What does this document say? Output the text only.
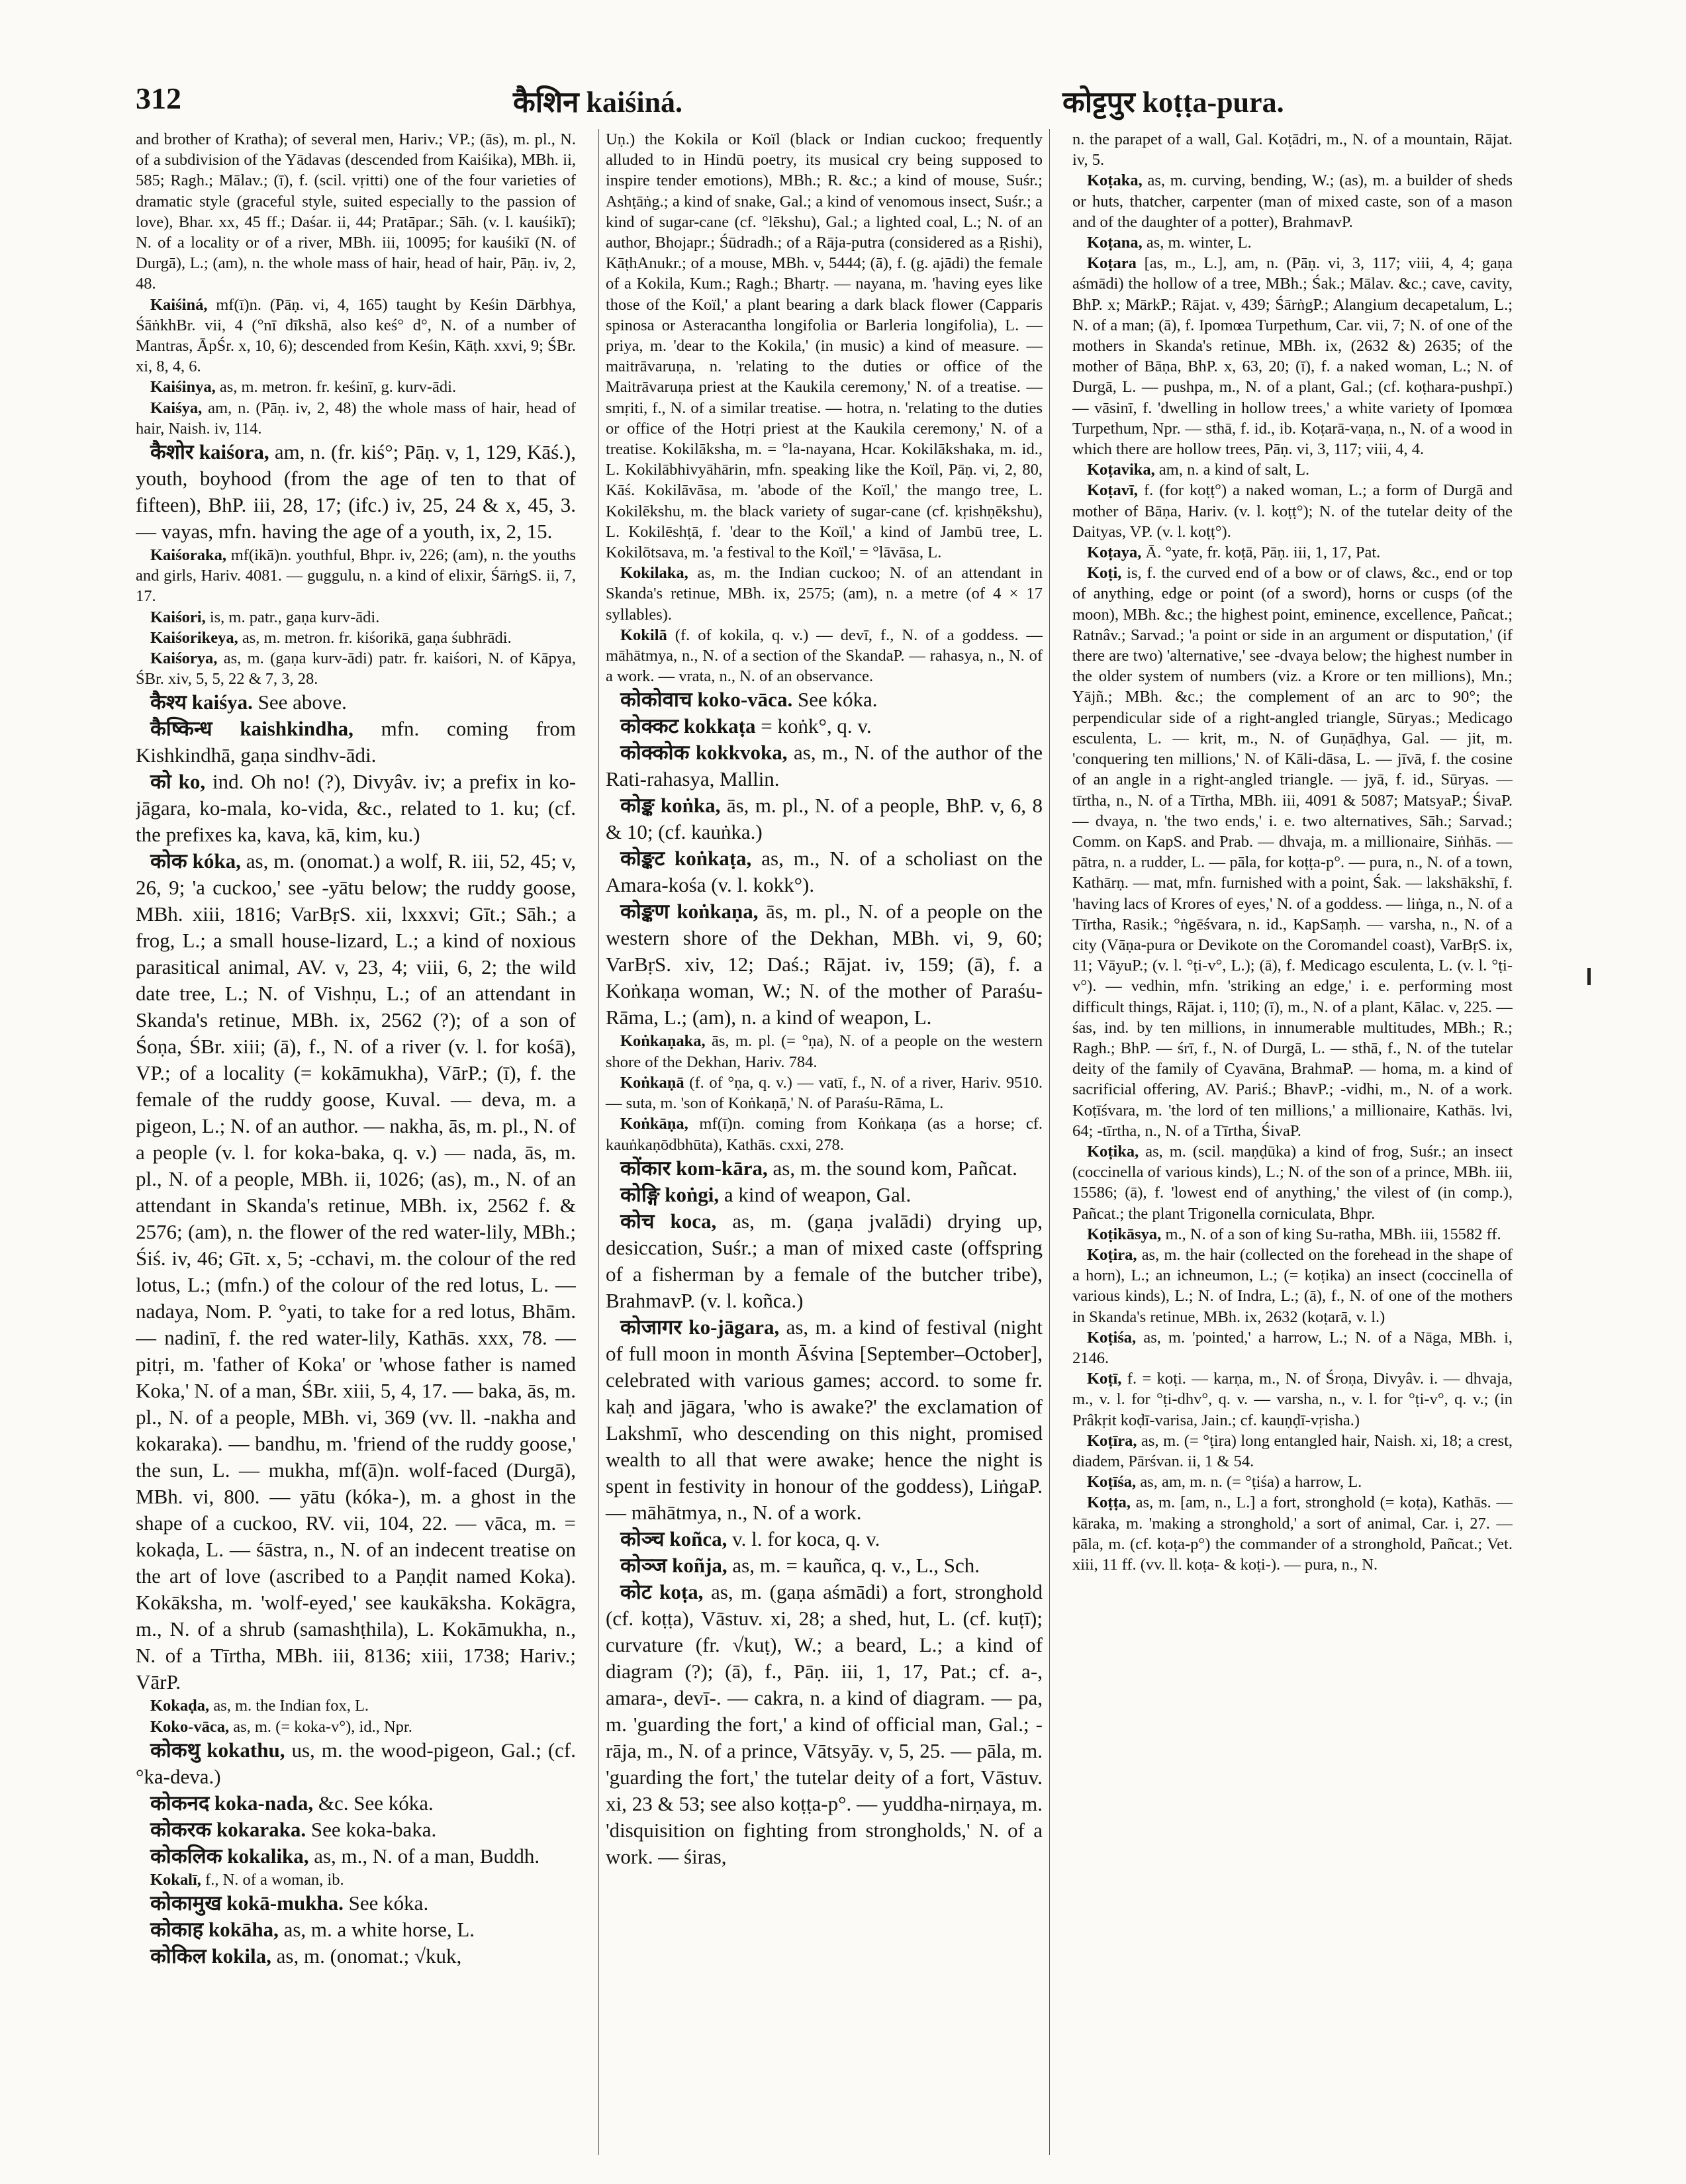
312	कैशिन kaiśiná.	कोट्टपुर koṭṭa-pura.

and brother of Kratha); of several men, Hariv.; VP.; (ās), m. pl., N. of a subdivision of the Yādavas (descended from Kaiśika), MBh. ii, 585; Ragh.; Mālav.; (ī), f. (scil. vṛitti) one of the four varieties of dramatic style (graceful style, suited especially to the passion of love), Bhar. xx, 45 ff.; Daśar. ii, 44; Pratāpar.; Sāh. (v. l. kauśikī); N. of a locality or of a river, MBh. iii, 10095; for kauśikī (N. of Durgā), L.; (am), n. the whole mass of hair, head of hair, Pāṇ. iv, 2, 48.

Kaiśiná, mf(ī)n. (Pāṇ. vi, 4, 165) taught by Keśin Dārbhya, ŚāṅkhBr. vii, 4 (°nī dīkshā, also keś° d°, N. of a number of Mantras, ĀpŚr. x, 10, 6); descended from Keśin, Kāṭh. xxvi, 9; ŚBr. xi, 8, 4, 6.

Kaiśinya, as, m. metron. fr. keśinī, g. kurv-ādi.

Kaiśya, am, n. (Pāṇ. iv, 2, 48) the whole mass of hair, head of hair, Naish. iv, 114.

कैशोर kaiśora, am, n. (fr. kiś°; Pāṇ. v, 1, 129, Kāś.), youth, boyhood (from the age of ten to that of fifteen), BhP. iii, 28, 17; (ifc.) iv, 25, 24 & x, 45, 3. — vayas, mfn. having the age of a youth, ix, 2, 15.

Kaiśoraka, mf(ikā)n. youthful, Bhpr. iv, 226; (am), n. the youths and girls, Hariv. 4081. — guggulu, n. a kind of elixir, ŚārṅgS. ii, 7, 17.

Kaiśori, is, m. patr., gaṇa kurv-ādi.

Kaiśorikeya, as, m. metron. fr. kiśorikā, gaṇa śubhrādi.

Kaiśorya, as, m. (gaṇa kurv-ādi) patr. fr. kaiśori, N. of Kāpya, ŚBr. xiv, 5, 5, 22 & 7, 3, 28.

कैश्य kaiśya. See above.

कैष्किन्ध kaishkindha, mfn. coming from Kishkindhā, gaṇa sindhv-ādi.

को ko, ind. Oh no! (?), Divyâv. iv; a prefix in ko-jāgara, ko-mala, ko-vida, &c., related to 1. ku; (cf. the prefixes ka, kava, kā, kim, ku.)

कोक kóka, as, m. (onomat.) a wolf, R. iii, 52, 45; v, 26, 9; 'a cuckoo,' see -yātu below; the ruddy goose, MBh. xiii, 1816; VarBṛS. xii, lxxxvi; Gīt.; Sāh.; a frog, L.; a small house-lizard, L.; a kind of noxious parasitical animal, AV. v, 23, 4; viii, 6, 2; the wild date tree, L.; N. of Vishṇu, L.; of an attendant in Skanda's retinue, MBh. ix, 2562 (?); of a son of Śoṇa, ŚBr. xiii; (ā), f., N. of a river (v. l. for kośā), VP.; of a locality (= kokāmukha), VārP.; (ī), f. the female of the ruddy goose, Kuval. — deva, m. a pigeon, L.; N. of an author. — nakha, ās, m. pl., N. of a people (v. l. for koka-baka, q. v.) — nada, ās, m. pl., N. of a people, MBh. ii, 1026; (as), m., N. of an attendant in Skanda's retinue, MBh. ix, 2562 f. & 2576; (am), n. the flower of the red water-lily, MBh.; Śiś. iv, 46; Gīt. x, 5; -cchavi, m. the colour of the red lotus, L.; (mfn.) of the colour of the red lotus, L. — nadaya, Nom. P. °yati, to take for a red lotus, Bhām. — nadinī, f. the red water-lily, Kathās. xxx, 78. — pitṛi, m. 'father of Koka' or 'whose father is named Koka,' N. of a man, ŚBr. xiii, 5, 4, 17. — baka, ās, m. pl., N. of a people, MBh. vi, 369 (vv. ll. -nakha and kokaraka). — bandhu, m. 'friend of the ruddy goose,' the sun, L. — mukha, mf(ā)n. wolf-faced (Durgā), MBh. vi, 800. — yātu (kóka-), m. a ghost in the shape of a cuckoo, RV. vii, 104, 22. — vāca, m. = kokaḍa, L. — śāstra, n., N. of an indecent treatise on the art of love (ascribed to a Paṇḍit named Koka). Kokāksha, m. 'wolf-eyed,' see kaukāksha. Kokāgra, m., N. of a shrub (samashṭhila), L. Kokāmukha, n., N. of a Tīrtha, MBh. iii, 8136; xiii, 1738; Hariv.; VārP.

Kokaḍa, as, m. the Indian fox, L.

Koko-vāca, as, m. (= koka-v°), id., Npr.

कोकथु kokathu, us, m. the wood-pigeon, Gal.; (cf. °ka-deva.)

कोकनद koka-nada, &c. See kóka.

कोकरक kokaraka. See koka-baka.

कोकलिक kokalika, as, m., N. of a man, Buddh.

Kokalī, f., N. of a woman, ib.

कोकामुख kokā-mukha. See kóka.

कोकाह kokāha, as, m. a white horse, L.

कोकिल kokila, as, m. (onomat.; √kuk,

Uṇ.) the Kokila or Koïl (black or Indian cuckoo; frequently alluded to in Hindū poetry, its musical cry being supposed to inspire tender emotions), MBh.; R. &c.; a kind of mouse, Suśr.; Ashṭāṅg.; a kind of snake, Gal.; a kind of venomous insect, Suśr.; a kind of sugar-cane (cf. °lēkshu), Gal.; a lighted coal, L.; N. of an author, Bhojapr.; Śūdradh.; of a Rāja-putra (considered as a Ṛishi), KāṭhAnukr.; of a mouse, MBh. v, 5444; (ā), f. (g. ajādi) the female of a Kokila, Kum.; Ragh.; Bhartṛ. — nayana, m. 'having eyes like those of the Koïl,' a plant bearing a dark black flower (Capparis spinosa or Asteracantha longifolia or Barleria longifolia), L. — priya, m. 'dear to the Kokila,' (in music) a kind of measure. — maitrāvaruṇa, n. 'relating to the duties or office of the Maitrāvaruṇa priest at the Kaukila ceremony,' N. of a treatise. — smṛiti, f., N. of a similar treatise. — hotra, n. 'relating to the duties or office of the Hotṛi priest at the Kaukila ceremony,' N. of a treatise. Kokilāksha, m. = °la-nayana, Hcar. Kokilākshaka, m. id., L. Kokilābhivyāhārin, mfn. speaking like the Koïl, Pāṇ. vi, 2, 80, Kāś. Kokilāvāsa, m. 'abode of the Koïl,' the mango tree, L. Kokilēkshu, m. the black variety of sugar-cane (cf. kṛishṇēkshu), L. Kokilēshṭā, f. 'dear to the Koïl,' a kind of Jambū tree, L. Kokilōtsava, m. 'a festival to the Koïl,' = °lāvāsa, L.

Kokilaka, as, m. the Indian cuckoo; N. of an attendant in Skanda's retinue, MBh. ix, 2575; (am), n. a metre (of 4 × 17 syllables).

Kokilā (f. of kokila, q. v.) — devī, f., N. of a goddess. — māhātmya, n., N. of a section of the SkandaP. — rahasya, n., N. of a work. — vrata, n., N. of an observance.

कोकोवाच koko-vāca. See kóka.

कोक्कट kokkaṭa = koṅk°, q. v.

कोक्कोक kokkvoka, as, m., N. of the author of the Rati-rahasya, Mallin.

कोङ्क koṅka, ās, m. pl., N. of a people, BhP. v, 6, 8 & 10; (cf. kauṅka.)

कोङ्कट koṅkaṭa, as, m., N. of a scholiast on the Amara-kośa (v. l. kokk°).

कोङ्कण koṅkaṇa, ās, m. pl., N. of a people on the western shore of the Dekhan, MBh. vi, 9, 60; VarBṛS. xiv, 12; Daś.; Rājat. iv, 159; (ā), f. a Koṅkaṇa woman, W.; N. of the mother of Paraśu-Rāma, L.; (am), n. a kind of weapon, L.

Koṅkaṇaka, ās, m. pl. (= °ṇa), N. of a people on the western shore of the Dekhan, Hariv. 784.

Koṅkaṇā (f. of °ṇa, q. v.) — vatī, f., N. of a river, Hariv. 9510. — suta, m. 'son of Koṅkaṇā,' N. of Paraśu-Rāma, L.

Koṅkāṇa, mf(ī)n. coming from Koṅkaṇa (as a horse; cf. kauṅkaṇōdbhūta), Kathās. cxxi, 278.

कोंकार kom-kāra, as, m. the sound kom, Pañcat.

कोङ्गि koṅgi, a kind of weapon, Gal.

कोच koca, as, m. (gaṇa jvalādi) drying up, desiccation, Suśr.; a man of mixed caste (offspring of a fisherman by a female of the butcher tribe), BrahmavP. (v. l. koñca.)

कोजागर ko-jāgara, as, m. a kind of festival (night of full moon in month Āśvina [September–October], celebrated with various games; accord. to some fr. kaḥ and jāgara, 'who is awake?' the exclamation of Lakshmī, who descending on this night, promised wealth to all that were awake; hence the night is spent in festivity in honour of the goddess), LiṅgaP. — māhātmya, n., N. of a work.

कोञ्च koñca, v. l. for koca, q. v.

कोञ्ज koñja, as, m. = kauñca, q. v., L., Sch.

कोट koṭa, as, m. (gaṇa aśmādi) a fort, stronghold (cf. koṭṭa), Vāstuv. xi, 28; a shed, hut, L. (cf. kuṭī); curvature (fr. √kuṭ), W.; a beard, L.; a kind of diagram (?); (ā), f., Pāṇ. iii, 1, 17, Pat.; cf. a-, amara-, devī-. — cakra, n. a kind of diagram. — pa, m. 'guarding the fort,' a kind of official man, Gal.; -rāja, m., N. of a prince, Vātsyāy. v, 5, 25. — pāla, m. 'guarding the fort,' the tutelar deity of a fort, Vāstuv. xi, 23 & 53; see also koṭṭa-p°. — yuddha-nirṇaya, m. 'disquisition on fighting from strongholds,' N. of a work. — śiras,

n. the parapet of a wall, Gal. Koṭādri, m., N. of a mountain, Rājat. iv, 5.

Koṭaka, as, m. curving, bending, W.; (as), m. a builder of sheds or huts, thatcher, carpenter (man of mixed caste, son of a mason and of the daughter of a potter), BrahmavP.

Koṭana, as, m. winter, L.

Koṭara [as, m., L.], am, n. (Pāṇ. vi, 3, 117; viii, 4, 4; gaṇa aśmādi) the hollow of a tree, MBh.; Śak.; Mālav. &c.; cave, cavity, BhP. x; MārkP.; Rājat. v, 439; ŚārṅgP.; Alangium decapetalum, L.; N. of a man; (ā), f. Ipomœa Turpethum, Car. vii, 7; N. of one of the mothers in Skanda's retinue, MBh. ix, (2632 &) 2635; of the mother of Bāṇa, BhP. x, 63, 20; (ī), f. a naked woman, L.; N. of Durgā, L. — pushpa, m., N. of a plant, Gal.; (cf. koṭhara-pushpī.) — vāsinī, f. 'dwelling in hollow trees,' a white variety of Ipomœa Turpethum, Npr. — sthā, f. id., ib. Koṭarā-vaṇa, n., N. of a wood in which there are hollow trees, Pāṇ. vi, 3, 117; viii, 4, 4.

Koṭavika, am, n. a kind of salt, L.

Koṭavī, f. (for koṭṭ°) a naked woman, L.; a form of Durgā and mother of Bāṇa, Hariv. (v. l. koṭṭ°); N. of the tutelar deity of the Daityas, VP. (v. l. koṭṭ°).

Koṭaya, Ā. °yate, fr. koṭā, Pāṇ. iii, 1, 17, Pat.

Koṭi, is, f. the curved end of a bow or of claws, &c., end or top of anything, edge or point (of a sword), horns or cusps (of the moon), MBh. &c.; the highest point, eminence, excellence, Pañcat.; Ratnâv.; Sarvad.; 'a point or side in an argument or disputation,' (if there are two) 'alternative,' see -dvaya below; the highest number in the older system of numbers (viz. a Krore or ten millions), Mn.; Yājñ.; MBh. &c.; the complement of an arc to 90°; the perpendicular side of a right-angled triangle, Sūryas.; Medicago esculenta, L. — krit, m., N. of Guṇāḍhya, Gal. — jit, m. 'conquering ten millions,' N. of Kāli-dāsa, L. — jīvā, f. the cosine of an angle in a right-angled triangle. — jyā, f. id., Sūryas. — tīrtha, n., N. of a Tīrtha, MBh. iii, 4091 & 5087; MatsyaP.; ŚivaP. — dvaya, n. 'the two ends,' i. e. two alternatives, Sāh.; Sarvad.; Comm. on KapS. and Prab. — dhvaja, m. a millionaire, Siṅhās. — pātra, n. a rudder, L. — pāla, for koṭṭa-p°. — pura, n., N. of a town, Kathārṇ. — mat, mfn. furnished with a point, Śak. — lakshākshī, f. 'having lacs of Krores of eyes,' N. of a goddess. — liṅga, n., N. of a Tīrtha, Rasik.; °ṅgēśvara, n. id., KapSaṃh. — varsha, n., N. of a city (Vāṇa-pura or Devikote on the Coromandel coast), VarBṛS. ix, 11; VāyuP.; (v. l. °ṭi-v°, L.); (ā), f. Medicago esculenta, L. (v. l. °ṭi-v°). — vedhin, mfn. 'striking an edge,' i. e. performing most difficult things, Rājat. i, 110; (ī), m., N. of a plant, Kālac. v, 225. — śas, ind. by ten millions, in innumerable multitudes, MBh.; R.; Ragh.; BhP. — śrī, f., N. of Durgā, L. — sthā, f., N. of the tutelar deity of the family of Cyavāna, BrahmaP. — homa, m. a kind of sacrificial offering, AV. Pariś.; BhavP.; -vidhi, m., N. of a work. Koṭīśvara, m. 'the lord of ten millions,' a millionaire, Kathās. lvi, 64; -tīrtha, n., N. of a Tīrtha, ŚivaP.

Koṭika, as, m. (scil. maṇḍūka) a kind of frog, Suśr.; an insect (coccinella of various kinds), L.; N. of the son of a prince, MBh. iii, 15586; (ā), f. 'lowest end of anything,' the vilest of (in comp.), Pañcat.; the plant Trigonella corniculata, Bhpr.

Koṭikāsya, m., N. of a son of king Su-ratha, MBh. iii, 15582 ff.

Koṭira, as, m. the hair (collected on the forehead in the shape of a horn), L.; an ichneumon, L.; (= koṭika) an insect (coccinella of various kinds), L.; N. of Indra, L.; (ā), f., N. of one of the mothers in Skanda's retinue, MBh. ix, 2632 (koṭarā, v. l.)

Koṭiśa, as, m. 'pointed,' a harrow, L.; N. of a Nāga, MBh. i, 2146.

Koṭī, f. = koṭi. — karṇa, m., N. of Śroṇa, Divyâv. i. — dhvaja, m., v. l. for °ṭi-dhv°, q. v. — varsha, n., v. l. for °ṭi-v°, q. v.; (in Prâkṛit koḍī-varisa, Jain.; cf. kauṇḍī-vṛisha.)

Koṭīra, as, m. (= °ṭira) long entangled hair, Naish. xi, 18; a crest, diadem, Pārśvan. ii, 1 & 54.

Koṭīśa, as, am, m. n. (= °ṭiśa) a harrow, L.

Koṭṭa, as, m. [am, n., L.] a fort, stronghold (= koṭa), Kathās. — kāraka, m. 'making a stronghold,' a sort of animal, Car. i, 27. — pāla, m. (cf. koṭa-p°) the commander of a stronghold, Pañcat.; Vet. xiii, 11 ff. (vv. ll. koṭa- & koṭi-). — pura, n., N.
